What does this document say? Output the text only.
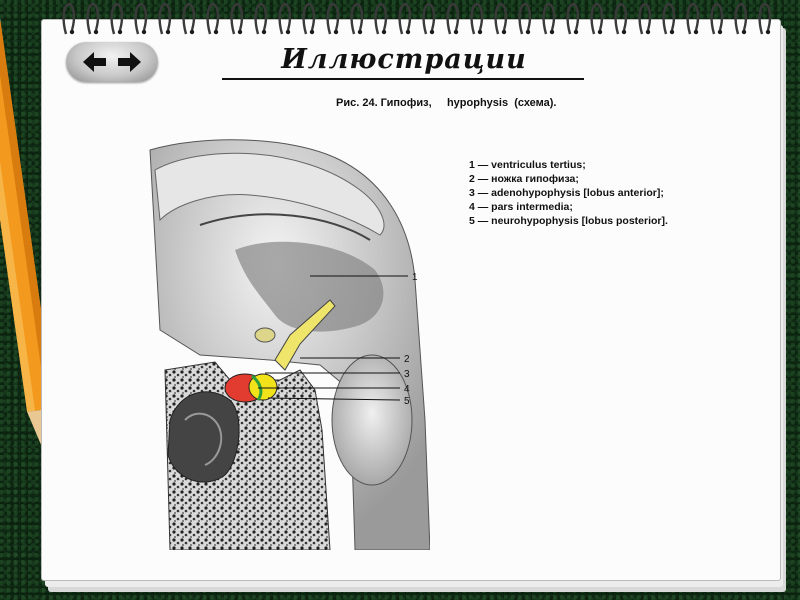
Иллюстрации
Рис. 24. Гипофиз,     hypophysis  (схема).
1 — ventriculus tertius;
2 — ножка гипофиза;
3 — adenohypophysis [lobus anterior];
4 — pars intermedia;
5 — neurohypophysis [lobus posterior].
1
2
3
4
5
